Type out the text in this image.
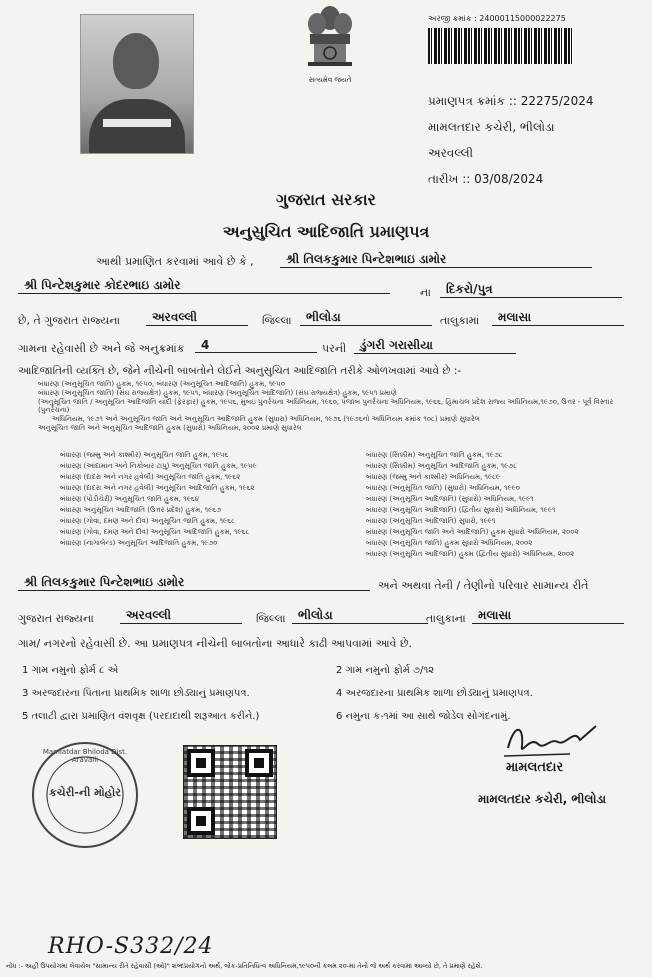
સત્યમેવ જયતે
અરજી ક્રમાંક : 24000115000022275
પ્રમાણપત્ર ક્રમાંક :: 22275/2024
મામલતદાર કચેરી, ભીલોડા
અરવલ્લી
તારીખ :: 03/08/2024
ગુજરાત સરકાર
અનુસુચિત આદિજાતિ પ્રમાણપત્ર
આથી પ્રમાણિત કરવામાં આવે છે કે ,	શ્રી તિલકકુમાર પિન્ટેશભાઇ ડામોર
શ્રી પિન્ટેશકુમાર કોદરભાઇ ડામોર
ના	દિકરો/પુત્ર
છે, તે ગુજરાત રાજ્યના	અરવલ્લી	જિલ્લા	ભીલોડા	તાલુકામાં	મલાસા
ગામના રહેવાસી છે અને જે અનુક્રમાંક	4	પરની	ડુંગરી ગરાસીયા
આદિજાતિની વ્યક્તિ છે, જેને નીચેની બાબતોને લેઈને અનુસુચિત આદિજાતિ તરીકે ઓળખવામાં આવે છે :-
બંધારણ (અનુસૂચિત જાતિ) હુકમ, ૧૯૫૦, બંધારણ (અનુસૂચિત આદિજાતિ) હુકમ, ૧૯૫૦
બંધારણ (અનુસૂચિત જાતિ) (સંઘ રાજ્યક્ષેત્ર) હુકમ, ૧૯૫૧, બંધારણ (અનુસૂચિત આદિજાતિ) (સંઘ રાજ્યક્ષેત્ર) હુકમ, ૧૯૫૧ પ્રમાણે
(અનુસૂચિત જાતિ / અનુસૂચિત આદિજાતિ યાદી (ફેરફાર) હુકમ, ૧૯૫૬, મુંબઇ પુનર્રચના અધિનિયમ, ૧૯૬૦, પંજાબ પુનર્રચના અધિનિયમ, ૧૯૬૬, હિમાચલ પ્રદેશ રાજ્ય અધિનિયમ,૧૯૭૦, ઉત્તર - પૂર્વ વિસ્તાર (પુનર્રચના)
અધિનિયમ, ૧૯૭૧ અને અનુસૂચિત જાતિ અને અનુસૂચિત આદિજાતિ હુકમ (સુધારા) અધિનિયમ, ૧૯૭૬ (૧૯૭૬નો અધિનિયમ ક્રમાંક ૧૦૮) પ્રમાણે સુધારેલ
અનુસૂચિત જાતિ અને અનુસૂચિત આદિજાતિ હુકમ (સુધારો) અધિનિયમ, ૨૦૦૨ પ્રમાણે સુધારેલ
બંધારણ (જમ્મુ અને કાશ્મીર) અનુસૂચિત જાતિ હુકમ, ૧૯૫૬
બંધારણ (આંદામાન અને નિકોબાર ટાપુ) અનુસૂચિત જાતિ હુકમ, ૧૯૫૯
બંધારણ (દાદરા અને નગર હવેલી) અનુસૂચિત જાતિ હુકમ, ૧૯૬૨
બંધારણ (દાદરા અને નગર હવેલી) અનુસૂચિત આદિજાતિ હુકમ, ૧૯૬૨
બંધારણ (પોંડીચેરી) અનુસૂચિત જાતિ હુકમ, ૧૯૬૪
બંધારણ અનુસૂચિત આદિજાતિ (ઉત્તર પ્રદેશ) હુકમ, ૧૯૬૭
બંધારણ (ગોવા, દમણ અને દીવ) અનુસૂચિત જાતિ હુકમ, ૧૯૬૮
બંધારણ (ગોવા, દમણ અને દીવ) અનુસૂચિત આદિજાતિ હુકમ, ૧૯૬૮
બંધારણ (નાગાલેન્ડ) અનુસૂચિત આદિજાતિ હુકમ, ૧૯૭૦
બંધારણ (સિક્કીમ) અનુસૂચિત જાતિ હુકમ, ૧૯૭૮
બંધારણ (સિક્કીમ) અનુસૂચિત આદિજાતિ હુકમ, ૧૯૭૮
બંધારણ (જમ્મુ અને કાશ્મીર) અધિનિયમ, ૧૯૮૯
બંધારણ (અનુસૂચિત જાતિ) (સુધારો) અધિનિયમ, ૧૯૯૦
બંધારણ (અનુસૂચિત આદિજાતિ) (સુધારો) અધિનિયમ, ૧૯૯૧
બંધારણ (અનુસૂચિત આદિજાતિ) (દ્વિતીય સુધારો) અધિનિયમ, ૧૯૯૧
બંધારણ (અનુસૂચિત આદિજાતિ) સુધારો, ૧૯૯૧
બંધારણ (અનુસૂચિત જાતિ અને આદિજાતિ) હુકમ સુધારો અધિનિયમ, ૨૦૦૨
બંધારણ (અનુસૂચિત જાતિ) હુકમ સુધારો અધિનિયમ, ૨૦૦૨
બંધારણ (અનુસૂચિત આદિજાતિ) હુકમ (દ્વિતીય સુધારો) અધિનિયમ, ૨૦૦૨
શ્રી તિલકકુમાર પિન્ટેશભાઇ ડામોર	અને અથવા તેની / તેણીનો પરિવાર સામાન્ય રીતે
ગુજરાત રાજ્યના	અરવલ્લી	જિલ્લા	ભીલોડા	તાલુકાના	મલાસા
ગામ/ નગરનો રહેવાસી છે. આ પ્રમાણપત્ર નીચેની બાબતોના આધારે કાઢી આપવામાં આવે છે.
1 ગામ નમુનો ફોર્મ ૮ એ	2 ગામ નમુનો ફોર્મ ૭/૧૨
3 અરજદારના પિતાના પ્રાથમિક શાળા છોડ્યાનું પ્રમાણપત્ર.	4 અરજદારના પ્રાથમિક શાળા છોડ્યાનું પ્રમાણપત્ર.
5 તલાટી દ્વારા પ્રમાણિત વંશવૃક્ષ (પરદાદાથી શરૂઆત કરીને.)	6 નમુના ક-૧માં આ સાથે જોડેલ સોગંદનામું.
Mamlatdar Bhiloda Dist. Aravalli
કચેરી-ની મોહોર
મામલતદાર
મામલતદાર કચેરી, ભીલોડા
RHO-S332/24
નોંધ :- અહીં ઉપયોગમાં લેવાયેલ "સામાન્ય રીતે રહેવાસી (ઓ)" શબ્દપ્રયોગનો અર્થ, લોક-પ્રતિનિધિત્વ અધિનિયમ,૧૯૫૦ની કલમ ૨૦-માં તેનો જે અર્થ કરવામાં આવ્યો છે, તે પ્રમાણે રહેશે.
